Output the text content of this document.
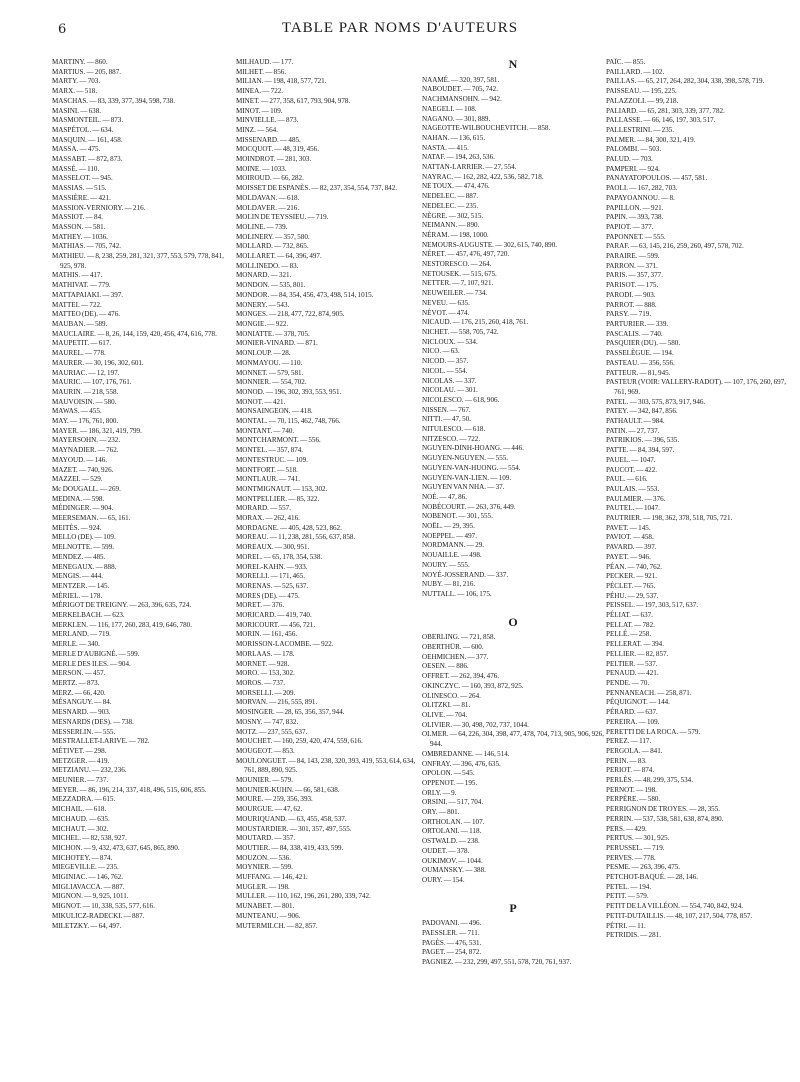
6	TABLE PAR NOMS D'AUTEURS
MARTINY. — 860.
MARTIUS. — 205, 887.
MARTY. — 703.
MARX. — 518.
MASCHAS. — 83, 339, 377, 394, 598, 738.
MASINI. — 638.
MASMONTEIL. — 873.
MASPÉTOL. — 634.
MASQUIN. — 161, 458.
MASSA. — 475.
MASSABT. — 872, 873.
MASSÉ. — 110.
MASSELOT. — 945.
MASSIAS. — 515.
MASSIÈRE. — 421.
MASSION-VERNIORY. — 216.
MASSIOT. — 84.
MASSON. — 581.
MATHEY. — 1036.
MATHIAS. — 705, 742.
MATHIEU. — 8, 238, 259, 281, 321, 377, 553, 579, 778, 841, 925, 978.
MATHIS. — 417.
MATHIVAT. — 779.
MATTAPAIAKI. — 397.
MATTEI. — 722.
MATTEO (DE). — 476.
MAUBAN. — 589.
MAUCLAIRE. — 8, 26, 144, 159, 420, 456, 474, 616, 778.
MAUPETIT. — 617.
MAUREL. — 778.
MAURER. — 30, 196, 302, 601.
MAURIAC. — 12, 197.
MAURIC. — 107, 176, 761.
MAURIN. — 218, 558.
MAUVOISIN. — 580.
MAWAS. — 455.
MAY. — 176, 761, 800.
MAYER. — 186, 321, 419, 799.
MAYERSOHN. — 232.
MAYNADIER. — 762.
MAYOUD. — 146.
MAZET. — 740, 926.
MAZZEI. — 529.
Mc DOUGALL. — 269.
MEDINA. — 598.
MÉDINGER. — 904.
MEERSEMAN. — 65, 161.
MEITÈS. — 924.
MELLO (DE). — 109.
MELNOTTE. — 599.
MENDEZ. — 485.
MENEGAUX. — 888.
MENGIS. — 444.
MENTZER. — 145.
MÉRIEL. — 178.
MÉRIGOT DE TREIGNY. — 263, 396, 635, 724.
MERKELBACH. — 623.
MERKLEN. — 116, 177, 260, 283, 419, 646, 780.
MERLAND. — 719.
MERLE. — 340.
MERLE D'AUBIGNÉ. — 599.
MERLE DES ILES. — 904.
MERSON. — 457.
MERTZ. — 873.
MERZ. — 66, 420.
MÉSANGUY. — 84.
MESNARD. — 903.
MESNARDS (DES). — 738.
MESSERLIN. — 555.
MESTRALLET-LARIVE. — 782.
MÉTIVET. — 298.
METZGER. — 419.
METZIANU. — 232, 236.
MEUNIER. — 737.
MEYER. — 86, 196, 214, 337, 418, 496, 515, 606, 855.
MEZZADRA. — 615.
MICHAIL. — 618.
MICHAUD. — 635.
MICHAUT. — 302.
MICHEL. — 82, 538, 927.
MICHON. — 9, 432, 473, 637, 645, 865, 890.
MICHOTEY. — 874.
MIEGEVILLE. — 235.
MIGINIAC. — 146, 762.
MIGLIAVACCA. — 887.
MIGNON. — 9, 925, 1011.
MIGNOT. — 10, 338, 535, 577, 616.
MIKULICZ-RADECKI. — 887.
MILETZKY. — 64, 497.
MILHAUD. — 177.
MILHET. — 856.
MILIAN. — 198, 418, 577, 721.
MINEA. — 722.
MINET. — 277, 358, 617, 793, 904, 978.
MINOT. — 109.
MINVIELLE. — 873.
MINZ. — 564.
MISSENARD. — 485.
MOCQUOT. — 48, 319, 456.
MOINDROT. — 281, 303.
MOINE. — 1033.
MOIROUD. — 66, 282.
MOISSET DE ESPANÈS. — 82, 237, 354, 554, 737, 842.
MOLDAVAN. — 618.
MOLDAVER. — 216.
MOLIN DE TEYSSIEU. — 719.
MOLINE. — 739.
MOLINERY. — 357, 580.
MOLLARD. — 732, 865.
MOLLARET. — 64, 396, 497.
MOLLINEDO. — 83.
MONARD. — 321.
MONDON. — 535, 801.
MONDOR. — 84, 354, 456, 473, 498, 514, 1015.
MONERY. — 543.
MONGES. — 218, 477, 722, 874, 905.
MONGIE. — 922.
MONIATTE. — 378, 705.
MONIER-VINARD. — 871.
MONLOUP. — 28.
MONMAYOU. — 110.
MONNET. — 579, 581.
MONNIER. — 554, 702.
MONOD. — 196, 302, 393, 553, 951.
MONOT. — 421.
MONSAINGEON. — 418.
MONTAL. — 70, 115, 462, 748, 766.
MONTANT. — 740.
MONTCHARMONT. — 556.
MONTEL. — 357, 874.
MONTESTRUC. — 109.
MONTFORT. — 518.
MONTLAUR. — 741.
MONTMIGNAUT. — 153, 302.
MONTPELLIER. — 85, 322.
MORARD. — 557.
MORAX. — 262, 416.
MORDAGNE. — 405, 428, 523, 862.
MOREAU. — 11, 238, 281, 556, 637, 858.
MOREAUX. — 300, 951.
MOREL. — 65, 178, 354, 538.
MOREL-KAHN. — 933.
MORELLI. — 171, 465.
MORENAS. — 525, 637.
MORES (DE). — 475.
MORET. — 376.
MORICARD. — 419, 740.
MORICOURT. — 456, 721.
MORIN. — 161, 456.
MORISSON-LACOMBE. — 922.
MORLAAS. — 178.
MORNET. — 928.
MORO. — 153, 302.
MOROS. — 737.
MORSELLI. — 209.
MORVAN. — 216, 555, 891.
MOSINGER. — 28, 65, 356, 357, 944.
MOSNY. — 747, 832.
MOTZ. — 237, 555, 637.
MOUCHET. — 160, 259, 420, 474, 559, 616.
MOUGEOT. — 853.
MOULONGUET. — 84, 143, 238, 320, 393, 419, 553, 614, 634, 761, 889, 890, 925.
MOUNIER. — 579.
MOUNIER-KUHN. — 66, 581, 638.
MOURE. — 259, 356, 393.
MOURGUE. — 47, 62.
MOURIQUAND. — 63, 455, 458, 537.
MOUSTARDIER. — 301, 357, 497, 555.
MOUTARD. — 357.
MOUTIER. — 84, 338, 419, 433, 599.
MOUZON. — 536.
MOYNIER. — 599.
MUFFANG. — 146, 421.
MUGLER. — 198.
MULLER. — 110, 162, 196, 261, 280, 339, 742.
MUNABET. — 801.
MUNTEANU. — 906.
MUTERMILCH. — 82, 857.
N
NAAMÉ. — 320, 397, 581.
NABOUDET. — 705, 742.
NACHMANSOHN. — 942.
NAEGELI. — 108.
NAGANO. — 301, 889.
NAGEOTTE-WILBOUCHEVITCH. — 858.
NAHAN. — 136, 615.
NASTA. — 415.
NATAF. — 194, 263, 536.
NATTAN-LARRIER. — 27, 554.
NAYRAC. — 162, 282, 422, 536, 582, 718.
NE TOUX. — 474, 476.
NEDELEC. — 887.
NEDELEC. — 235.
NÈGRE. — 302, 515.
NEIMANN. — 890.
NÉRAM. — 198, 1000.
NEMOURS-AUGUSTE. — 302, 615, 740, 890.
NÉRET. — 457, 476, 497, 720.
NESTORESCO. — 264.
NETOUSEK. — 515, 675.
NETTER. — 7, 107, 921.
NEUWEILER. — 734.
NEVEU. — 635.
NÉVOT. — 474.
NICAUD. — 176, 215, 260, 418, 761.
NICHET. — 558, 705, 742.
NICLOUX. — 534.
NICO. — 63.
NICOD. — 357.
NICOL. — 554.
NICOLAS. — 337.
NICOLAU. — 301.
NICOLESCO. — 618, 906.
NISSEN. — 767.
NITTI. — 47, 50.
NITULESCO. — 618.
NITZESCO. — 722.
NGUYEN-DINH-HOANG. — 446.
NGUYEN-NGUYEN. — 555.
NGUYEN-VAN-HUONG. — 554.
NGUYEN-VAN-LIEN. — 109.
NGUYEN VAN NHA. — 37.
NOÉ. — 47, 86.
NOBÉCOURT. — 263, 376, 449.
NOBENOT. — 301, 555.
NOËL. — 29, 395.
NOEPPEL. — 497.
NORDMANN. — 29.
NOUAILLE. — 498.
NOURY. — 555.
NOYÉ-JOSSERAND. — 337.
NUBY. — 81, 216.
NUTTALL. — 106, 175.
O
OBERLING. — 721, 858.
OBERTHÜR. — 600.
OEHMICHEN. — 377.
OESEN. — 886.
OFFRET. — 262, 394, 476.
OKINCZYC. — 160, 393, 872, 925.
OLINESCO. — 264.
OLITZKI. — 81.
OLIVE. — 704.
OLIVIER. — 30, 498, 702, 737, 1044.
OLMER. — 64, 226, 304, 398, 477, 478, 704, 713, 905, 906, 926, 944.
OMBREDANNE. — 146, 514.
ONFRAY. — 396, 476, 635.
OPOLON. — 545.
OPPENOT. — 195.
ORLY. — 9.
ORSINI. — 517, 704.
ORY. — 801.
ORTHOLAN. — 107.
ORTOLANI. — 118.
OSTWALD. — 238.
OUDET. — 378.
OUKIMOV. — 1044.
OUMANSKY. — 388.
OURY. — 154.
P
PADOVANI. — 496.
PAESSLER. — 711.
PAGÈS. — 476, 531.
PAGET. — 254, 872.
PAGNIEZ. — 232, 299, 497, 551, 578, 720, 761, 937.
PAÏC. — 855.
PAILLARD. — 102.
PAILLAS. — 65, 217, 264, 282, 304, 338, 398, 578, 719.
PAISSEAU. — 195, 225.
PALAZZOLI. — 99, 218.
PALIARD. — 65, 281, 303, 339, 377, 782.
PALLASSE. — 66, 146, 197, 303, 517.
PALLESTRINI. — 235.
PALMER. — 84, 300, 321, 419.
PALOMBI. — 503.
PALUD. — 703.
PAMPERI. — 924.
PANAYATOPOULOS. — 457, 581.
PAOLI. — 167, 282, 703.
PAPAYOANNOU. — 8.
PAPILLON. — 921.
PAPIN. — 393, 738.
PAPIOT. — 377.
PAPONNET. — 555.
PARAF. — 63, 145, 216, 259, 260, 497, 578, 702.
PARAIRE. — 599.
PARRON. — 371.
PARIS. — 357, 377.
PARISOT. — 175.
PARODI. — 903.
PARROT. — 888.
PARSY. — 719.
PARTURIER. — 339.
PASCALIS. — 740.
PASQUIER (DU). — 580.
PASSELÈGUE. — 194.
PASTEAU. — 356, 556.
PATTEUR. — 81, 945.
PASTEUR (VOIR: VALLERY-RADOT). — 107, 176, 260, 697, 761, 969.
PATEL. — 303, 575, 873, 917, 946.
PATEY. — 342, 847, 856.
PATHAULT. — 984.
PATIN. — 27, 737.
PATRIKIOS. — 396, 535.
PATTE. — 84, 394, 597.
PAUEL. — 1047.
PAUCOT. — 422.
PAUL. — 616.
PAULAIS. — 553.
PAULMIER. — 376.
PAUTEL. — 1047.
PAUTRIER. — 198, 362, 378, 518, 705, 721.
PAVET. — 145.
PAVIOT. — 458.
PAVARD. — 397.
PAYET. — 946.
PÉAN. — 740, 762.
PECKER. — 921.
PÉCLET. — 765.
PÉHU. — 29, 537.
PEISSEL. — 197, 303, 517, 637.
PÉLIAT. — 637.
PELLAT. — 782.
PELLÉ. — 258.
PELLERAT. — 394.
PELLIER. — 82, 857.
PELTIER. — 537.
PENAUD. — 421.
PENDE. — 70.
PENNANEACH. — 258, 871.
PÉQUIGNOT. — 144.
PÉRARD. — 637.
PEREIRA. — 109.
PERETTI DE LA ROCA. — 579.
PEREZ. — 117.
PERGOLA. — 841.
PERIN. — 83.
PERIOT. — 874.
PERLÈS. — 48, 299, 375, 534.
PERNOT. — 198.
PERPÈRE. — 580.
PERRIGNON DE TROYES. — 28, 355.
PERRIN. — 537, 538, 581, 638, 874, 890.
PERS. — 429.
PERTUS. — 301, 925.
PERUSSEL. — 719.
PERVES. — 778.
PESME. — 263, 396, 475.
PETCHOT-BAQUÉ. — 28, 146.
PETEL. — 194.
PETIT. — 579.
PETIT DE LA VILLÉON. — 554, 740, 842, 924.
PETIT-DUTAILLIS. — 48, 107, 217, 504, 778, 857.
PÉTRI. — 11.
PETRIDIS. — 281.
